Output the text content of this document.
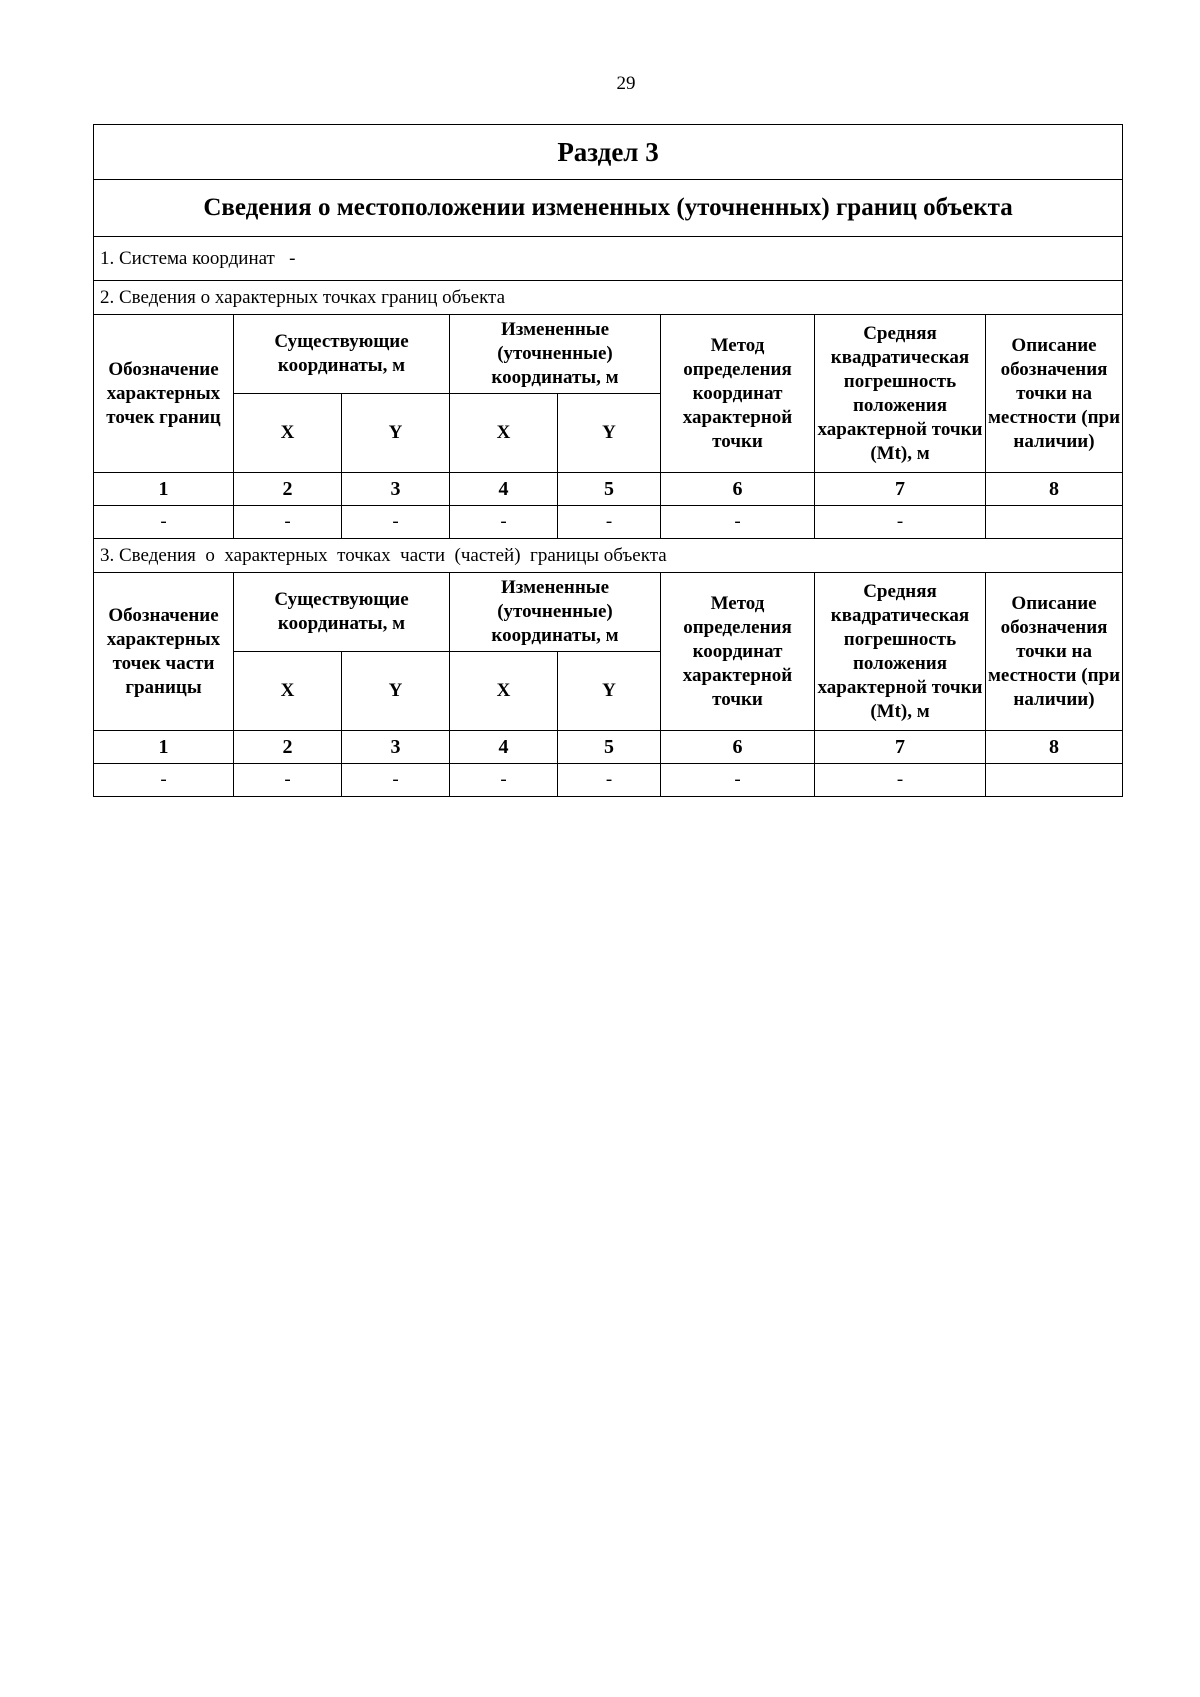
29
Раздел 3							
Сведения о местоположении измененных (уточненных) границ объекта							
1. Система координат   -							
2. Сведения о характерных точках границ объекта							
Обозначение характерных точек границ	Существующие координаты, м		Измененные (уточненные) координаты, м		Метод определения координат характерной точки	Средняя квадратическая погрешность положения характерной точки (Mt), м	Описание обозначения точки на местности (при наличии)
	X	Y	X	Y			
1	2	3	4	5	6	7	8
-	-	-	-	-	-	-	
3. Сведения  о  характерных  точках  части  (частей)  границы объекта							
Обозначение характерных точек части границы	Существующие координаты, м		Измененные (уточненные) координаты, м		Метод определения координат характерной точки	Средняя квадратическая погрешность положения характерной точки (Mt), м	Описание обозначения точки на местности (при наличии)
	X	Y	X	Y			
1	2	3	4	5	6	7	8
-	-	-	-	-	-	-	
